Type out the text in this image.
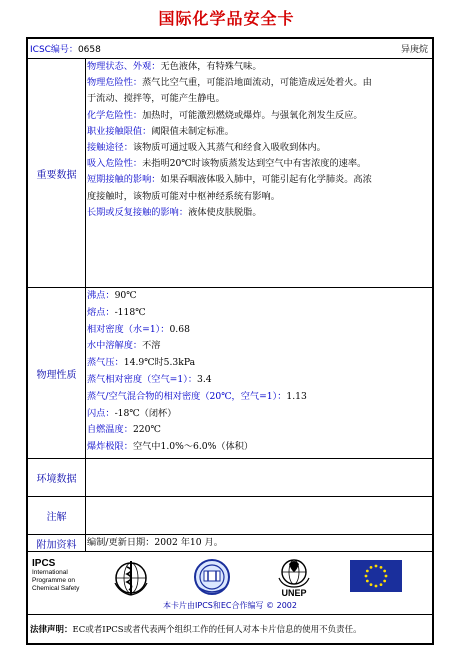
国际化学品安全卡
ICSC编号：0658	异庚烷
重要数据
物理状态、外观：无色液体，有特殊气味。
物理危险性：蒸气比空气重，可能沿地面流动，可能造成远处着火。由
于流动、搅拌等，可能产生静电。
化学危险性：加热时，可能激烈燃烧或爆炸。与强氧化剂发生反应。
职业接触限值：阈限值未制定标准。
接触途径：该物质可通过吸入其蒸气和经食入吸收到体内。
吸入危险性：未指明20℃时该物质蒸发达到空气中有害浓度的速率。
短期接触的影响：如果吞咽液体吸入肺中，可能引起有化学肺炎。高浓
度接触时，该物质可能对中枢神经系统有影响。
长期或反复接触的影响：液体使皮肤脱脂。
物理性质
沸点：90℃
熔点：-118℃
相对密度（水=1）：0.68
水中溶解度：不溶
蒸气压：14.9℃时5.3kPa
蒸气相对密度（空气=1）：3.4
蒸气/空气混合物的相对密度（20℃，空气=1）：1.13
闪点：-18℃（闭杯）
自燃温度：220℃
爆炸极限：空气中1.0%～6.0%（体积）
环境数据
注解
附加资料	编制/更新日期：2002 年10 月。
IPCS
International
Programme on
Chemical Safety	UNEP
本卡片由IPCS和EC合作编写 © 2002
法律声明： EC或者IPCS或者代表两个组织工作的任何人对本卡片信息的使用不负责任。
